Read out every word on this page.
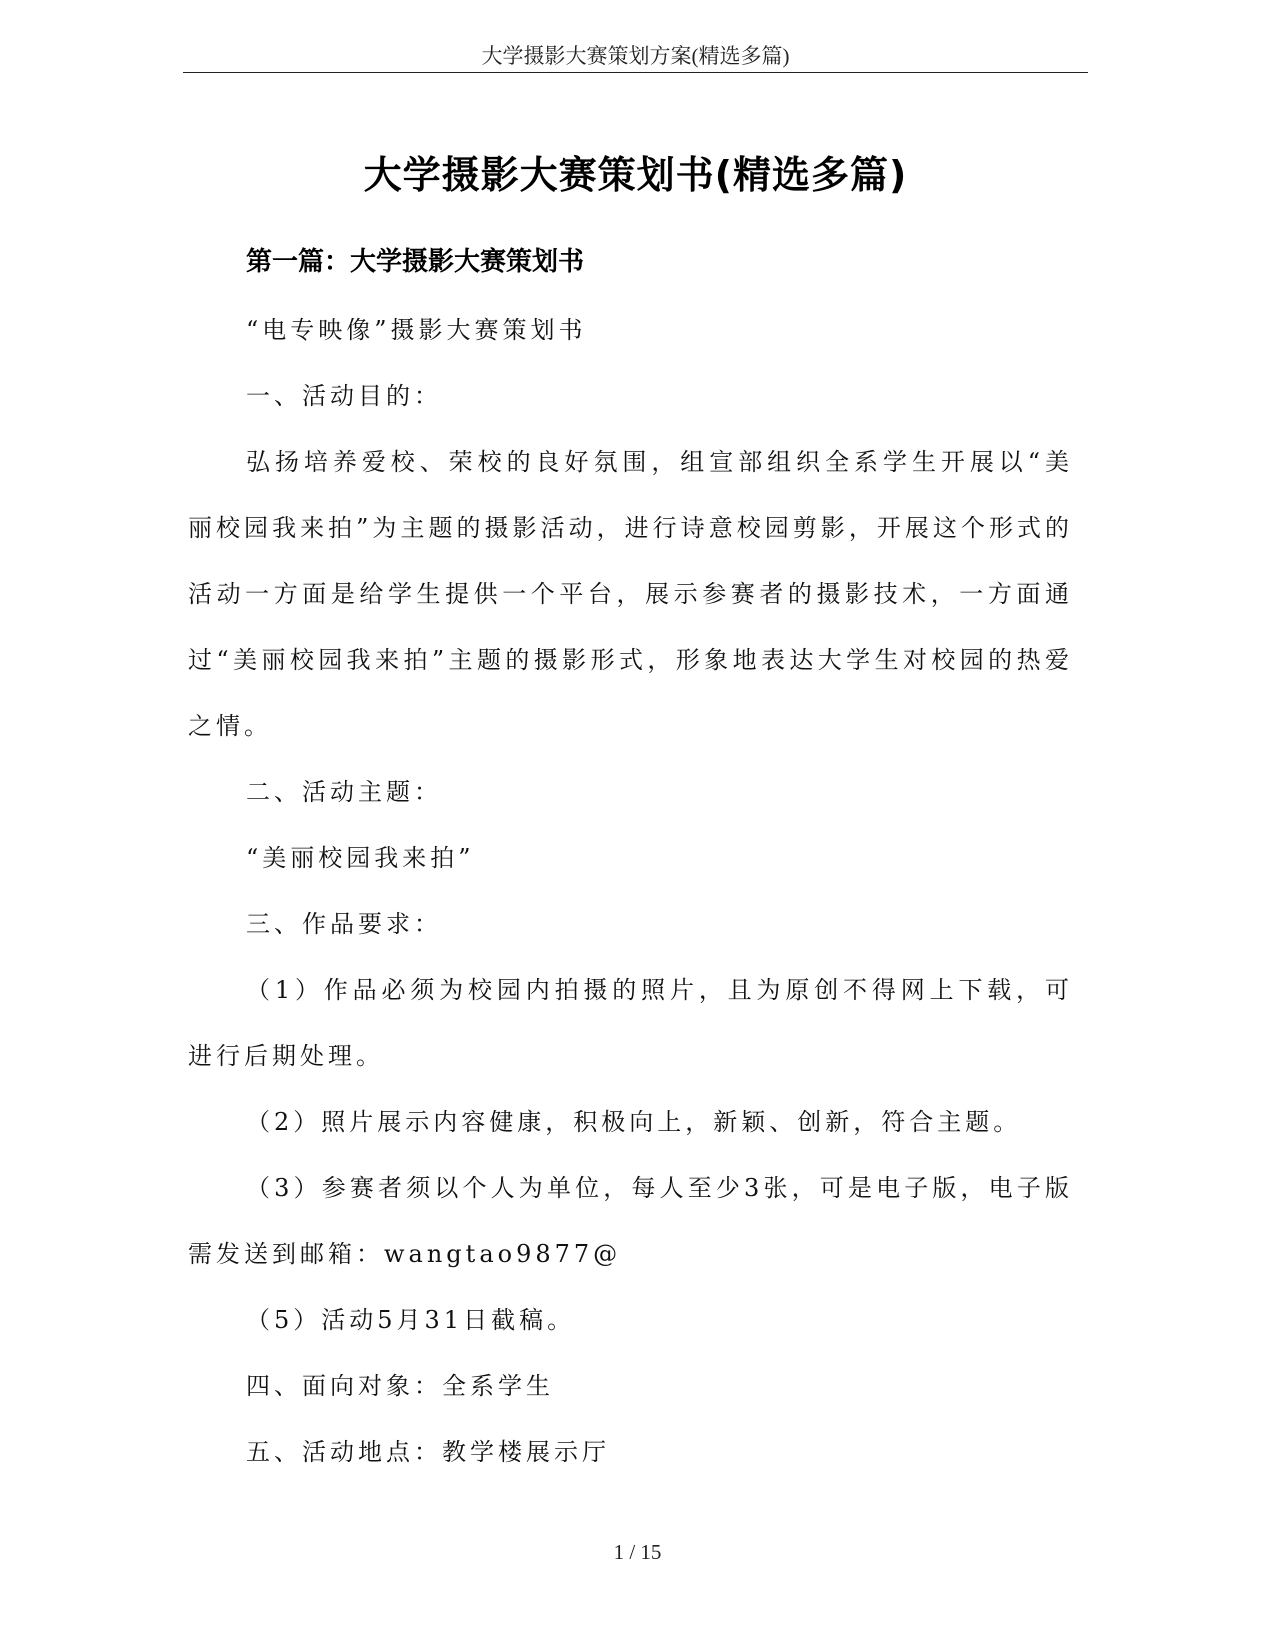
大学摄影大赛策划方案(精选多篇)
大学摄影大赛策划书(精选多篇)
第一篇：大学摄影大赛策划书

“电专映像”摄影大赛策划书

一、活动目的：

弘扬培养爱校、荣校的良好氛围，组宣部组织全系学生开展以“美丽校园我来拍”为主题的摄影活动，进行诗意校园剪影，开展这个形式的活动一方面是给学生提供一个平台，展示参赛者的摄影技术，一方面通过“美丽校园我来拍”主题的摄影形式，形象地表达大学生对校园的热爱之情。

二、活动主题：

“美丽校园我来拍”

三、作品要求：

（1）作品必须为校园内拍摄的照片，且为原创不得网上下载，可进行后期处理。

（2）照片展示内容健康，积极向上，新颖、创新，符合主题。

（3）参赛者须以个人为单位，每人至少3张，可是电子版，电子版需发送到邮箱：wangtao9877@

（5）活动5月31日截稿。

四、面向对象：全系学生

五、活动地点：教学楼展示厅

1 / 15
